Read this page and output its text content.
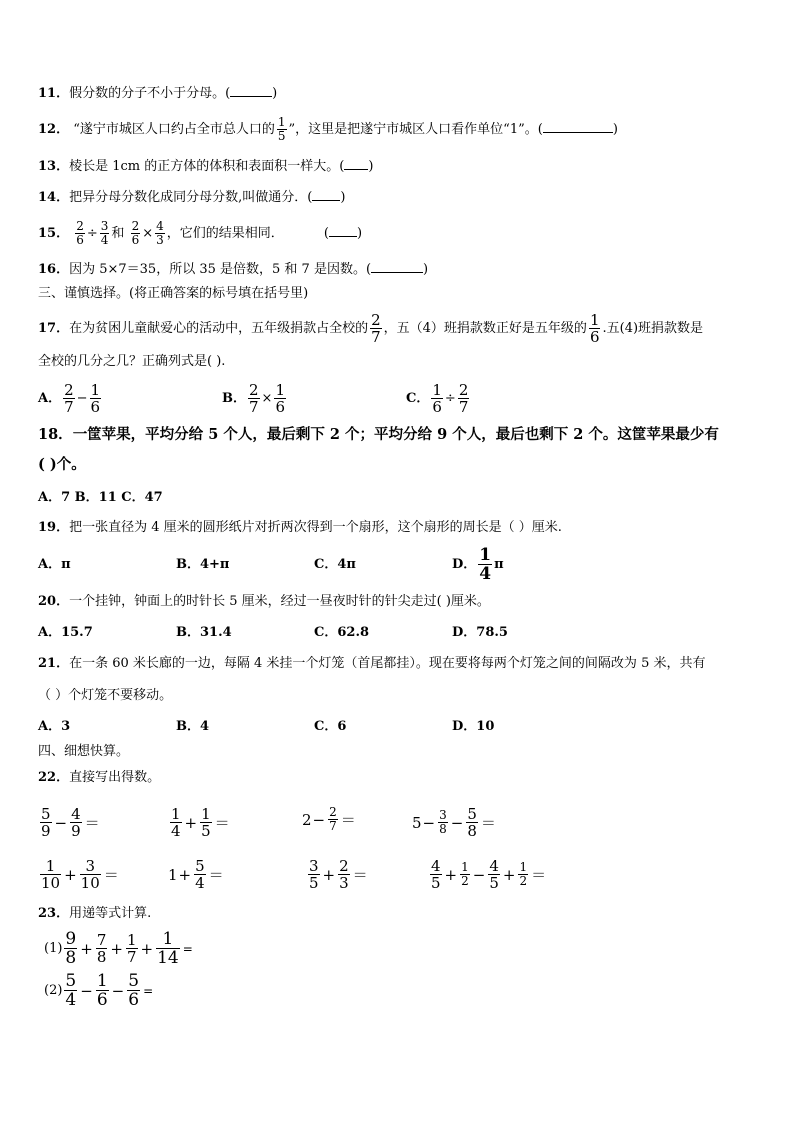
11．假分数的分子不小于分母。(	)
12． “遂宁市城区人口约占全市总人口的 $\frac{1}{5}$ ”，这里是把遂宁市城区人口看作单位“1”。(	)
13．棱长是 1cm 的正方体的体积和表面积一样大。( )
14．把异分母分数化成同分母分数,叫做通分．( )
15． $\frac{2}{6} \div \frac{3}{4}$ 和 $\frac{2}{6} \times \frac{4}{3}$ ，它们的结果相同．	( )
16．因为 5×7＝35，所以 35 是倍数，5 和 7 是因数。(	)
三、谨慎选择。(将正确答案的标号填在括号里)
17．在为贫困儿童献爱心的活动中，五年级捐款占全校的 $\frac{2}{7}$ ，五（4）班捐款数正好是五年级的 $\frac{1}{6}$ .五(4)班捐款数是
全校的几分之几？正确列式是( ).
A． $\frac{2}{7} - \frac{1}{6}$	B． $\frac{2}{7} \times \frac{1}{6}$	C． $\frac{1}{6} \div \frac{2}{7}$
18．一筐苹果，平均分给 5 个人，最后剩下 2 个；平均分给 9 个人，最后也剩下 2 个。这筐苹果最少有
( )个。
A．7 B．11 C．47
19．把一张直径为 4 厘米的圆形纸片对折两次得到一个扇形，这个扇形的周长是（ ）厘米.
A．π	B．4+π	C．4π	D． $\frac{1}{4}$ π
20．一个挂钟，钟面上的时针长 5 厘米，经过一昼夜时针的针尖走过( )厘米。
A．15.7	B．31.4	C．62.8	D．78.5
21．在一条 60 米长廊的一边，每隔 4 米挂一个灯笼（首尾都挂）。现在要将每两个灯笼之间的间隔改为 5 米，共有
（ ）个灯笼不要移动。
A．3	B．4	C．6	D．10
四、细想快算。
22．直接写出得数。
$\frac{5}{9} - \frac{4}{9}$ ＝	$\frac{1}{4} + \frac{1}{5}$ ＝	$2 - \frac{2}{7}$ ＝	$5 - \frac{3}{8} - \frac{5}{8}$ ＝
$\frac{1}{10} + \frac{3}{10}$ ＝	$1 + \frac{5}{4}$ ＝	$\frac{3}{5} + \frac{2}{3}$ ＝	$\frac{4}{5} + \frac{1}{2} - \frac{4}{5} + \frac{1}{2}$ ＝
23．用递等式计算.
$(1) \frac{9}{8} + \frac{7}{8} + \frac{1}{7} + \frac{1}{14}$ =
$(2) \frac{5}{4} - \frac{1}{6} - \frac{5}{6}$ =
